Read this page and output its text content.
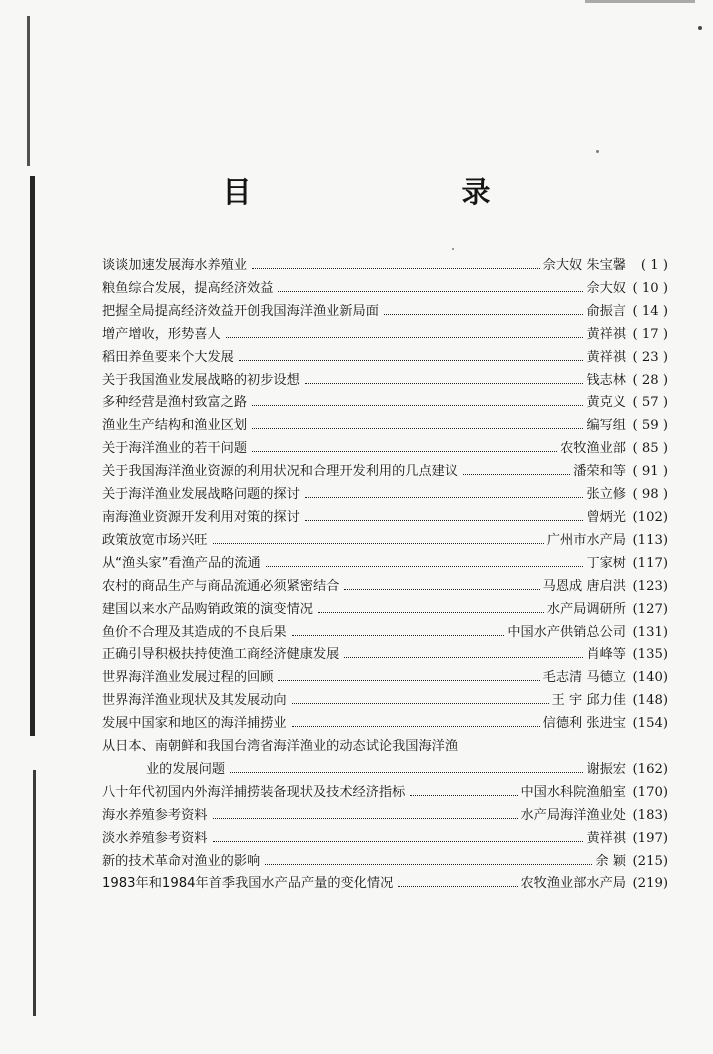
目 录
谈谈加速发展海水养殖业	佘大奴 朱宝馨	( 1 )
粮鱼综合发展，提高经济效益	佘大奴 ( 10 )
把握全局提高经济效益开创我国海洋渔业新局面	俞振言 ( 14 )
增产增收，形势喜人	黄祥祺 ( 17 )
稻田养鱼要来个大发展	黄祥祺 ( 23 )
关于我国渔业发展战略的初步设想	钱志林 ( 28 )
多种经营是渔村致富之路	黄克义 ( 57 )
渔业生产结构和渔业区划	编写组 ( 59 )
关于海洋渔业的若干问题	农牧渔业部 ( 85 )
关于我国海洋渔业资源的利用状况和合理开发利用的几点建议	潘荣和等 ( 91 )
关于海洋渔业发展战略问题的探讨	张立修 ( 98 )
南海渔业资源开发利用对策的探讨	曾炳光 (102)
政策放宽市场兴旺	广州市水产局 (113)
从“渔头家”看渔产品的流通	丁家树 (117)
农村的商品生产与商品流通必须紧密结合	马恩成 唐启洪 (123)
建国以来水产品购销政策的演变情况	水产局调研所 (127)
鱼价不合理及其造成的不良后果	中国水产供销总公司 (131)
正确引导积极扶持使渔工商经济健康发展	肖峰等 (135)
世界海洋渔业发展过程的回顾	毛志清 马德立 (140)
世界海洋渔业现状及其发展动向	王 宇 邱力佳 (148)
发展中国家和地区的海洋捕捞业	信德利 张进宝 (154)
从日本、南朝鲜和我国台湾省海洋渔业的动态试论我国海洋渔
业的发展问题	谢振宏 (162)
八十年代初国内外海洋捕捞装备现状及技术经济指标	中国水科院渔船室 (170)
海水养殖参考资料	水产局海洋渔业处 (183)
淡水养殖参考资料	黄祥祺 (197)
新的技术革命对渔业的影响	余 颖 (215)
1983年和1984年首季我国水产品产量的变化情况	农牧渔业部水产局 (219)
